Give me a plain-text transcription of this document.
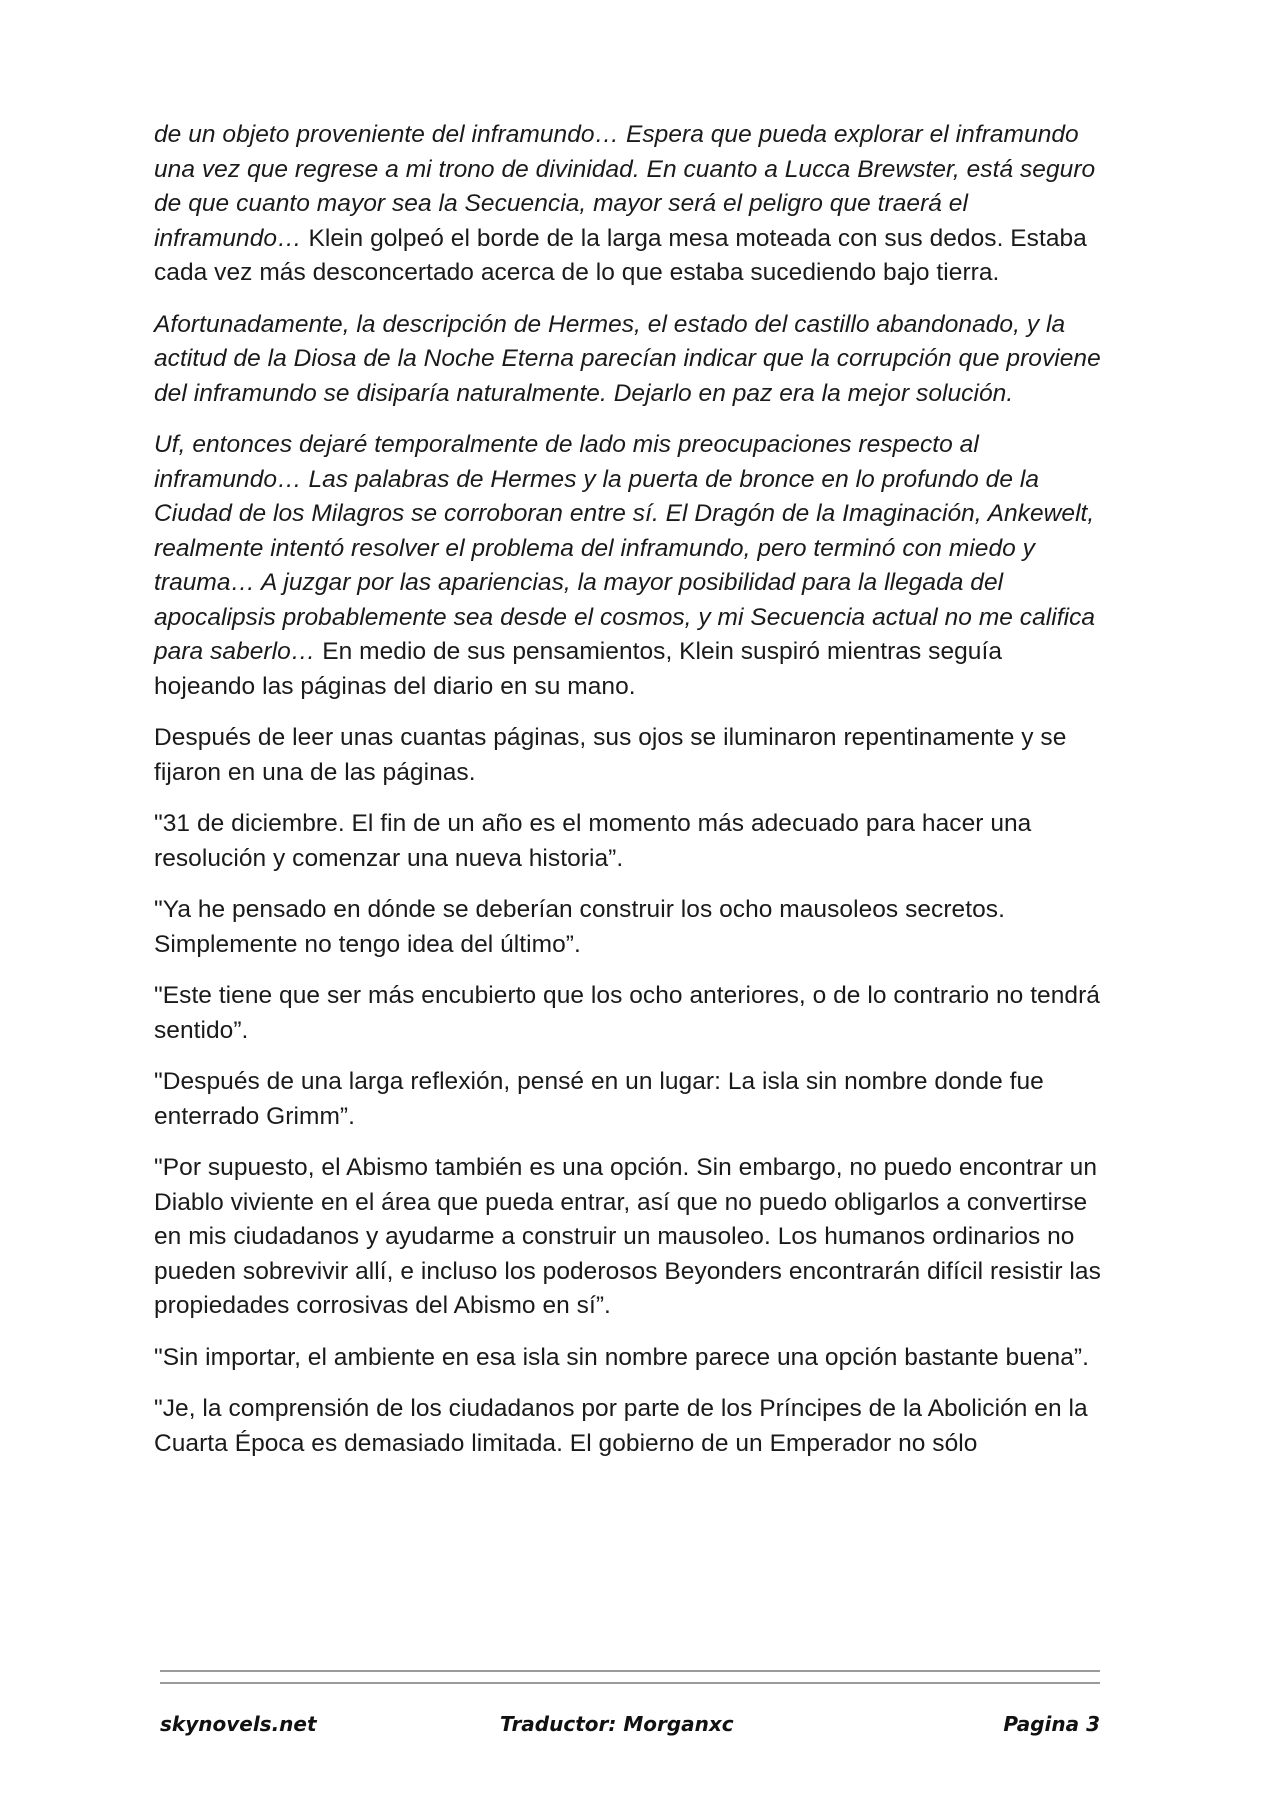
de un objeto proveniente del inframundo… Espera que pueda explorar el inframundo una vez que regrese a mi trono de divinidad. En cuanto a Lucca Brewster, está seguro de que cuanto mayor sea la Secuencia, mayor será el peligro que traerá el inframundo… Klein golpeó el borde de la larga mesa moteada con sus dedos. Estaba cada vez más desconcertado acerca de lo que estaba sucediendo bajo tierra.

Afortunadamente, la descripción de Hermes, el estado del castillo abandonado, y la actitud de la Diosa de la Noche Eterna parecían indicar que la corrupción que proviene del inframundo se disiparía naturalmente. Dejarlo en paz era la mejor solución.

Uf, entonces dejaré temporalmente de lado mis preocupaciones respecto al inframundo… Las palabras de Hermes y la puerta de bronce en lo profundo de la Ciudad de los Milagros se corroboran entre sí. El Dragón de la Imaginación, Ankewelt, realmente intentó resolver el problema del inframundo, pero terminó con miedo y trauma… A juzgar por las apariencias, la mayor posibilidad para la llegada del apocalipsis probablemente sea desde el cosmos, y mi Secuencia actual no me califica para saberlo… En medio de sus pensamientos, Klein suspiró mientras seguía hojeando las páginas del diario en su mano.

Después de leer unas cuantas páginas, sus ojos se iluminaron repentinamente y se fijaron en una de las páginas.

"31 de diciembre. El fin de un año es el momento más adecuado para hacer una resolución y comenzar una nueva historia”.

"Ya he pensado en dónde se deberían construir los ocho mausoleos secretos. Simplemente no tengo idea del último”.

"Este tiene que ser más encubierto que los ocho anteriores, o de lo contrario no tendrá sentido”.

"Después de una larga reflexión, pensé en un lugar: La isla sin nombre donde fue enterrado Grimm”.

"Por supuesto, el Abismo también es una opción. Sin embargo, no puedo encontrar un Diablo viviente en el área que pueda entrar, así que no puedo obligarlos a convertirse en mis ciudadanos y ayudarme a construir un mausoleo. Los humanos ordinarios no pueden sobrevivir allí, e incluso los poderosos Beyonders encontrarán difícil resistir las propiedades corrosivas del Abismo en sí”.

"Sin importar, el ambiente en esa isla sin nombre parece una opción bastante buena”.

"Je, la comprensión de los ciudadanos por parte de los Príncipes de la Abolición en la Cuarta Época es demasiado limitada. El gobierno de un Emperador no sólo

skynovels.net	Traductor: Morganxc	Pagina 3
